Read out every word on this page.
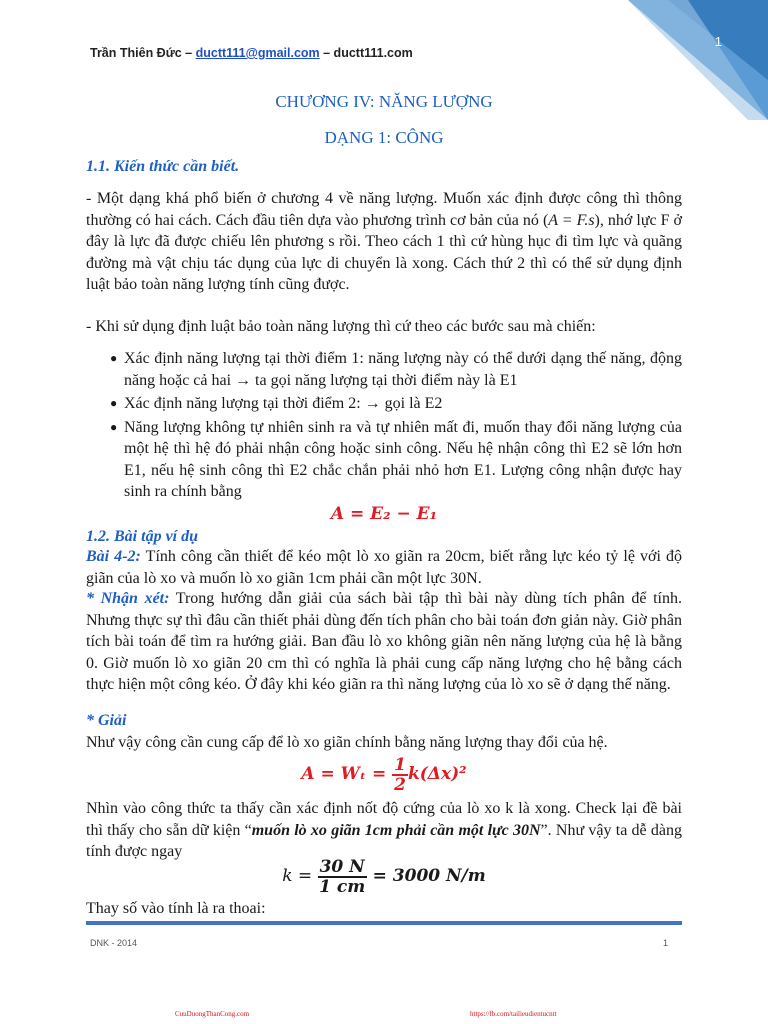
1
Trần Thiên Đức – ductt111@gmail.com – ductt111.com
CHƯƠNG IV: NĂNG LƯỢNG
DẠNG 1: CÔNG
1.1. Kiến thức cần biết.

- Một dạng khá phổ biến ở chương 4 về năng lượng. Muốn xác định được công thì thông thường có hai cách. Cách đầu tiên dựa vào phương trình cơ bản của nó (A = F.s), nhớ lực F ở đây là lực đã được chiếu lên phương s rồi. Theo cách 1 thì cứ hùng hục đi tìm lực và quãng đường mà vật chịu tác dụng của lực di chuyển là xong. Cách thứ 2 thì có thể sử dụng định luật bảo toàn năng lượng tính cũng được.

- Khi sử dụng định luật bảo toàn năng lượng thì cứ theo các bước sau mà chiến:

● Xác định năng lượng tại thời điểm 1: năng lượng này có thể dưới dạng thế năng, động năng hoặc cả hai → ta gọi năng lượng tại thời điểm này là E1
● Xác định năng lượng tại thời điểm 2: → gọi là E2
● Năng lượng không tự nhiên sinh ra và tự nhiên mất đi, muốn thay đổi năng lượng của một hệ thì hệ đó phải nhận công hoặc sinh công. Nếu hệ nhận công thì E2 sẽ lớn hơn E1, nếu hệ sinh công thì E2 chắc chắn phải nhỏ hơn E1. Lượng công nhận được hay sinh ra chính bằng
A = E₂ − E₁
1.2. Bài tập ví dụ

Bài 4-2: Tính công cần thiết để kéo một lò xo giãn ra 20cm, biết rằng lực kéo tỷ lệ với độ giãn của lò xo và muốn lò xo giãn 1cm phải cần một lực 30N.

* Nhận xét: Trong hướng dẫn giải của sách bài tập thì bài này dùng tích phân để tính. Nhưng thực sự thì đâu cần thiết phải dùng đến tích phân cho bài toán đơn giản này. Giờ phân tích bài toán để tìm ra hướng giải. Ban đầu lò xo không giãn nên năng lượng của hệ là bằng 0. Giờ muốn lò xo giãn 20 cm thì có nghĩa là phải cung cấp năng lượng cho hệ bằng cách thực hiện một công kéo. Ở đây khi kéo giãn ra thì năng lượng của lò xo sẽ ở dạng thế năng.

* Giải

Như vậy công cần cung cấp để lò xo giãn chính bằng năng lượng thay đổi của hệ.

$A = W_t = \frac{1}{2} k(\Delta x)^2$

Nhìn vào công thức ta thấy cần xác định nốt độ cứng của lò xo k là xong. Check lại đề bài thì thấy cho sẵn dữ kiện “muốn lò xo giãn 1cm phải cần một lực 30N”. Như vậy ta dễ dàng tính được ngay

$k = \frac{30 N}{1 cm} = 3000$ N/m

Thay số vào tính là ra thoai:

DNK - 2014	1
CuuDuongThanCong.com	https://fb.com/tailieudientucntt
